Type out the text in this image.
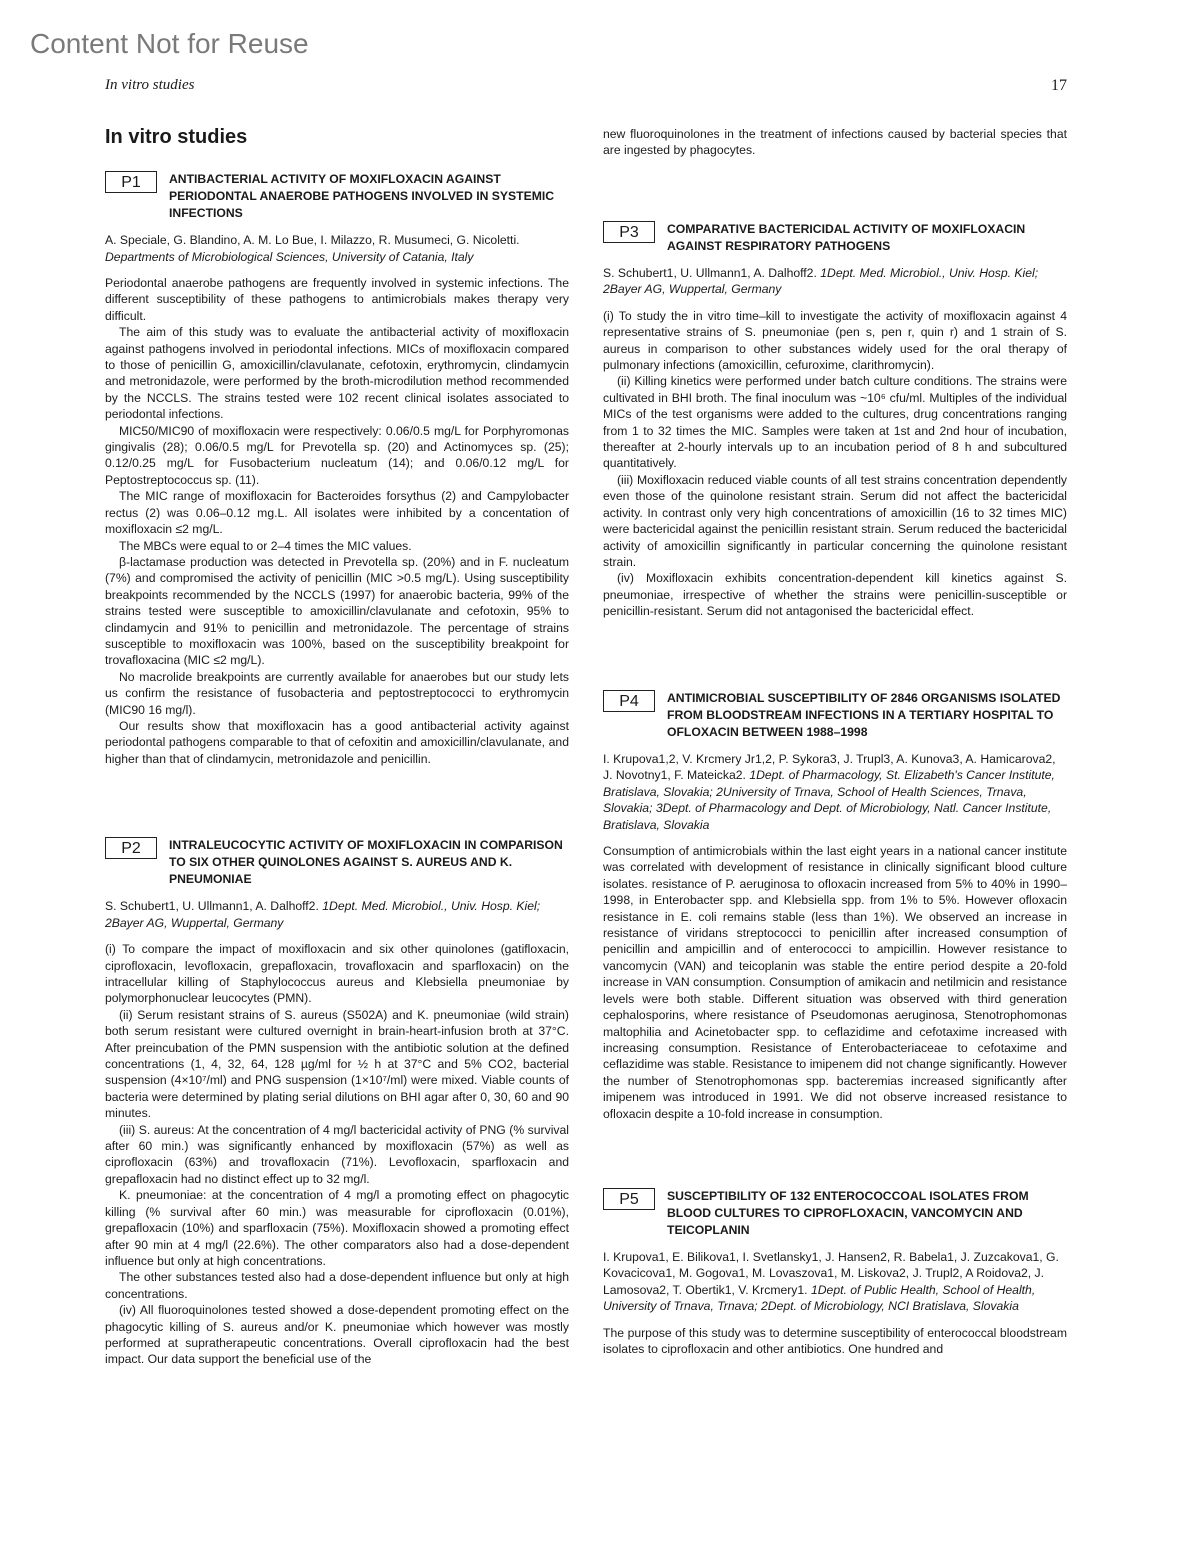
Content Not for Reuse
In vitro studies	17
In vitro studies
P1	ANTIBACTERIAL ACTIVITY OF MOXIFLOXACIN AGAINST PERIODONTAL ANAEROBE PATHOGENS INVOLVED IN SYSTEMIC INFECTIONS
A. Speciale, G. Blandino, A. M. Lo Bue, I. Milazzo, R. Musumeci, G. Nicoletti. Departments of Microbiological Sciences, University of Catania, Italy

Periodontal anaerobe pathogens are frequently involved in systemic infections. The different susceptibility of these pathogens to antimicrobials makes therapy very difficult.

The aim of this study was to evaluate the antibacterial activity of moxifloxacin against pathogens involved in periodontal infections. MICs of moxifloxacin compared to those of penicillin G, amoxicillin/clavulanate, cefotoxin, erythromycin, clindamycin and metronidazole, were performed by the broth-microdilution method recommended by the NCCLS. The strains tested were 102 recent clinical isolates associated to periodontal infections.

MIC50/MIC90 of moxifloxacin were respectively: 0.06/0.5 mg/L for Porphyromonas gingivalis (28); 0.06/0.5 mg/L for Prevotella sp. (20) and Actinomyces sp. (25); 0.12/0.25 mg/L for Fusobacterium nucleatum (14); and 0.06/0.12 mg/L for Peptostreptococcus sp. (11).

The MIC range of moxifloxacin for Bacteroides forsythus (2) and Campylobacter rectus (2) was 0.06–0.12 mg.L. All isolates were inhibited by a concentation of moxifloxacin ≤2 mg/L.

The MBCs were equal to or 2–4 times the MIC values.

β-lactamase production was detected in Prevotella sp. (20%) and in F. nucleatum (7%) and compromised the activity of penicillin (MIC >0.5 mg/L). Using susceptibility breakpoints recommended by the NCCLS (1997) for anaerobic bacteria, 99% of the strains tested were susceptible to amoxicillin/clavulanate and cefotoxin, 95% to clindamycin and 91% to penicillin and metronidazole. The percentage of strains susceptible to moxifloxacin was 100%, based on the susceptibility breakpoint for trovafloxacina (MIC ≤2 mg/L).

No macrolide breakpoints are currently available for anaerobes but our study lets us confirm the resistance of fusobacteria and peptostreptococci to erythromycin (MIC90 16 mg/l).

Our results show that moxifloxacin has a good antibacterial activity against periodontal pathogens comparable to that of cefoxitin and amoxicillin/clavulanate, and higher than that of clindamycin, metronidazole and penicillin.

P2	INTRALEUCOCYTIC ACTIVITY OF MOXIFLOXACIN IN COMPARISON TO SIX OTHER QUINOLONES AGAINST S. AUREUS AND K. PNEUMONIAE
S. Schubert1, U. Ullmann1, A. Dalhoff2. 1Dept. Med. Microbiol., Univ. Hosp. Kiel; 2Bayer AG, Wuppertal, Germany

(i) To compare the impact of moxifloxacin and six other quinolones (gatifloxacin, ciprofloxacin, levofloxacin, grepafloxacin, trovafloxacin and sparfloxacin) on the intracellular killing of Staphylococcus aureus and Klebsiella pneumoniae by polymorphonuclear leucocytes (PMN).

(ii) Serum resistant strains of S. aureus (S502A) and K. pneumoniae (wild strain) both serum resistant were cultured overnight in brain-heart-infusion broth at 37°C. After preincubation of the PMN suspension with the antibiotic solution at the defined concentrations (1, 4, 32, 64, 128 µg/ml for ½ h at 37°C and 5% CO2, bacterial suspension (4×10⁷/ml) and PNG suspension (1×10⁷/ml) were mixed. Viable counts of bacteria were determined by plating serial dilutions on BHI agar after 0, 30, 60 and 90 minutes.

(iii) S. aureus: At the concentration of 4 mg/l bactericidal activity of PNG (% survival after 60 min.) was significantly enhanced by moxifloxacin (57%) as well as ciprofloxacin (63%) and trovafloxacin (71%). Levofloxacin, sparfloxacin and grepafloxacin had no distinct effect up to 32 mg/l.

K. pneumoniae: at the concentration of 4 mg/l a promoting effect on phagocytic killing (% survival after 60 min.) was measurable for ciprofloxacin (0.01%), grepafloxacin (10%) and sparfloxacin (75%). Moxifloxacin showed a promoting effect after 90 min at 4 mg/l (22.6%). The other comparators also had a dose-dependent influence but only at high concentrations.

The other substances tested also had a dose-dependent influence but only at high concentrations.

(iv) All fluoroquinolones tested showed a dose-dependent promoting effect on the phagocytic killing of S. aureus and/or K. pneumoniae which however was mostly performed at supratherapeutic concentrations. Overall ciprofloxacin had the best impact. Our data support the beneficial use of the

new fluoroquinolones in the treatment of infections caused by bacterial species that are ingested by phagocytes.

P3	COMPARATIVE BACTERICIDAL ACTIVITY OF MOXIFLOXACIN AGAINST RESPIRATORY PATHOGENS
S. Schubert1, U. Ullmann1, A. Dalhoff2. 1Dept. Med. Microbiol., Univ. Hosp. Kiel; 2Bayer AG, Wuppertal, Germany

(i) To study the in vitro time–kill to investigate the activity of moxifloxacin against 4 representative strains of S. pneumoniae (pen s, pen r, quin r) and 1 strain of S. aureus in comparison to other substances widely used for the oral therapy of pulmonary infections (amoxicillin, cefuroxime, clarithromycin).

(ii) Killing kinetics were performed under batch culture conditions. The strains were cultivated in BHI broth. The final inoculum was ~10⁶ cfu/ml. Multiples of the individual MICs of the test organisms were added to the cultures, drug concentrations ranging from 1 to 32 times the MIC. Samples were taken at 1st and 2nd hour of incubation, thereafter at 2-hourly intervals up to an incubation period of 8 h and subcultured quantitatively.

(iii) Moxifloxacin reduced viable counts of all test strains concentration dependently even those of the quinolone resistant strain. Serum did not affect the bactericidal activity. In contrast only very high concentrations of amoxicillin (16 to 32 times MIC) were bactericidal against the penicillin resistant strain. Serum reduced the bactericidal activity of amoxicillin significantly in particular concerning the quinolone resistant strain.

(iv) Moxifloxacin exhibits concentration-dependent kill kinetics against S. pneumoniae, irrespective of whether the strains were penicillin-susceptible or penicillin-resistant. Serum did not antagonised the bactericidal effect.

P4	ANTIMICROBIAL SUSCEPTIBILITY OF 2846 ORGANISMS ISOLATED FROM BLOODSTREAM INFECTIONS IN A TERTIARY HOSPITAL TO OFLOXACIN BETWEEN 1988–1998
I. Krupova1,2, V. Krcmery Jr1,2, P. Sykora3, J. Trupl3, A. Kunova3, A. Hamicarova2, J. Novotny1, F. Mateicka2. 1Dept. of Pharmacology, St. Elizabeth's Cancer Institute, Bratislava, Slovakia; 2University of Trnava, School of Health Sciences, Trnava, Slovakia; 3Dept. of Pharmacology and Dept. of Microbiology, Natl. Cancer Institute, Bratislava, Slovakia

Consumption of antimicrobials within the last eight years in a national cancer institute was correlated with development of resistance in clinically significant blood culture isolates. resistance of P. aeruginosa to ofloxacin increased from 5% to 40% in 1990–1998, in Enterobacter spp. and Klebsiella spp. from 1% to 5%. However ofloxacin resistance in E. coli remains stable (less than 1%). We observed an increase in resistance of viridans streptococci to penicillin after increased consumption of penicillin and ampicillin and of enterococci to ampicillin. However resistance to vancomycin (VAN) and teicoplanin was stable the entire period despite a 20-fold increase in VAN consumption. Consumption of amikacin and netilmicin and resistance levels were both stable. Different situation was observed with third generation cephalosporins, where resistance of Pseudomonas aeruginosa, Stenotrophomonas maltophilia and Acinetobacter spp. to ceflazidime and cefotaxime increased with increasing consumption. Resistance of Enterobacteriaceae to cefotaxime and ceflazidime was stable. Resistance to imipenem did not change significantly. However the number of Stenotrophomonas spp. bacteremias increased significantly after imipenem was introduced in 1991. We did not observe increased resistance to ofloxacin despite a 10-fold increase in consumption.

P5	SUSCEPTIBILITY OF 132 ENTEROCOCCOAL ISOLATES FROM BLOOD CULTURES TO CIPROFLOXACIN, VANCOMYCIN AND TEICOPLANIN
I. Krupova1, E. Bilikova1, I. Svetlansky1, J. Hansen2, R. Babela1, J. Zuzcakova1, G. Kovacicova1, M. Gogova1, M. Lovaszova1, M. Liskova2, J. Trupl2, A Roidova2, J. Lamosova2, T. Obertik1, V. Krcmery1. 1Dept. of Public Health, School of Health, University of Trnava, Trnava; 2Dept. of Microbiology, NCI Bratislava, Slovakia

The purpose of this study was to determine susceptibility of enterococcal bloodstream isolates to ciprofloxacin and other antibiotics. One hundred and
